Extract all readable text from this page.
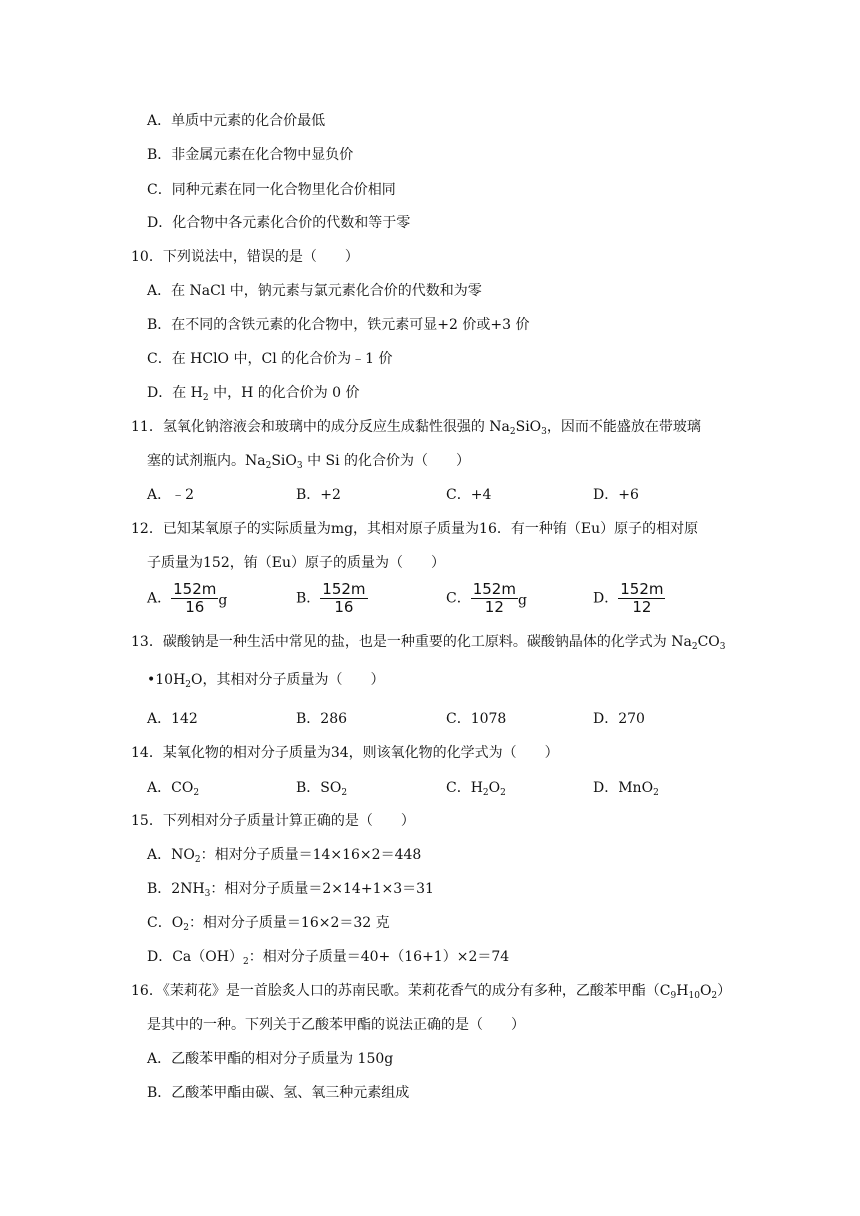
A．单质中元素的化合价最低
B．非金属元素在化合物中显负价
C．同种元素在同一化合物里化合价相同
D．化合物中各元素化合价的代数和等于零
10．下列说法中，错误的是（　　）
A．在 NaCl 中，钠元素与氯元素化合价的代数和为零
B．在不同的含铁元素的化合物中，铁元素可显+2 价或+3 价
C．在 HClO 中，Cl 的化合价为﹣1 价
D．在 $H_2$ 中，H 的化合价为 0 价
11．氢氧化钠溶液会和玻璃中的成分反应生成黏性很强的 $Na_2SiO_3$，因而不能盛放在带玻璃
塞的试剂瓶内。$Na_2SiO_3$ 中 Si 的化合价为（　　）
A．﹣2	B．+2	C．+4	D．+6
12．已知某氧原子的实际质量为mg，其相对原子质量为16．有一种铕（Eu）原子的相对原
子质量为152，铕（Eu）原子的质量为（　　）
A． $\frac{152m}{16}$ g	B． $\frac{152m}{16}$	C． $\frac{152m}{12}$ g	D． $\frac{152m}{12}$
13．碳酸钠是一种生活中常见的盐，也是一种重要的化工原料。碳酸钠晶体的化学式为 $Na_2CO_3$
$•10H_2O$，其相对分子质量为（　　）
A．142	B．286	C．1078	D．270
14．某氧化物的相对分子质量为34，则该氧化物的化学式为（　　）
A．$CO_2$	B．$SO_2$	C．$H_2O_2$	D．MnO$_2$
15．下列相对分子质量计算正确的是（　　）
A．$NO_2$：相对分子质量＝14×16×2＝448
B．$2NH_3$：相对分子质量＝2×14+1×3＝31
C．$O_2$：相对分子质量＝16×2＝32 克
D．$Ca(OH)_2$：相对分子质量＝40+（16+1）×2＝74
16．《茉莉花》是一首脍炙人口的苏南民歌。茉莉花香气的成分有多种，乙酸苯甲酯$(C_9H_{10}O_2)$
是其中的一种。下列关于乙酸苯甲酯的说法正确的是（　　）
A．乙酸苯甲酯的相对分子质量为 150g
B．乙酸苯甲酯由碳、氢、氧三种元素组成
